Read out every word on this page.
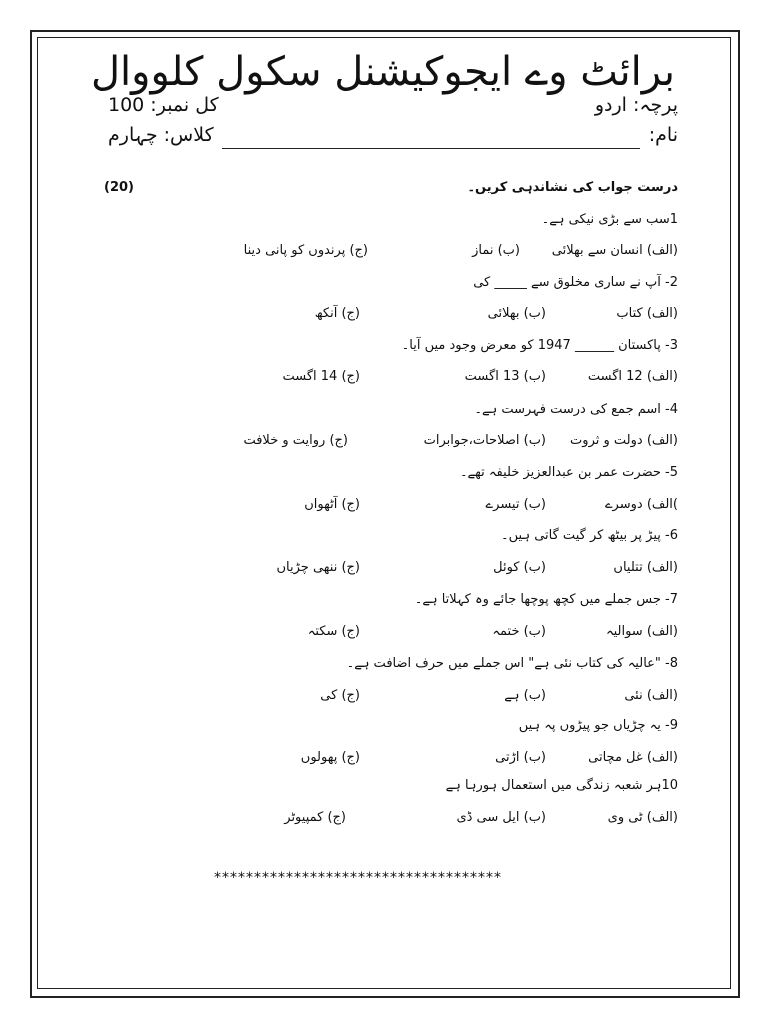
برائٹ وے ایجوکیشنل سکول کلووال
پرچہ: اردو
کل نمبر: 100
نام:
کلاس: چہارم
درست جواب کی نشاندہی کریں۔
(20)
1سب سے بڑی نیکی ہے۔
(الف) انسان سے بھلائی
(ب) نماز
(ج) پرندوں کو پانی دینا
2- آپ نے ساری مخلوق سے _____ کی
(الف) کتاب
(ب) بھلائی
(ج) آنکھ
3- پاکستان ______ 1947 کو معرض وجود میں آیا۔
(الف) 12 اگست
(ب) 13 اگست
(ج) 14 اگست
4- اسم جمع کی درست فہرست ہے۔
(الف) دولت و ثروت
(ب) اصلاحات،جوابرات
(ج) روایت و خلافت
5- حضرت عمر بن عبدالعزیز خلیفہ تھے۔
)الف) دوسرے
(ب) تیسرے
(ج) آٹھواں
6- پیڑ پر بیٹھ کر گیت گاتی ہیں۔
(الف) تتلیاں
(ب) کوئل
(ج) ننھی چڑیاں
7- جس جملے میں کچھ پوچھا جائے وہ کہلاتا ہے۔
(الف) سوالیہ
(ب) ختمہ
(ج) سکتہ
8- "عالیہ کی کتاب نئی ہے" اس جملے میں حرف اضافت ہے۔
(الف) نئی
(ب) ہے
(ج) کی
9- یہ چڑیاں جو پیڑوں پہ ہیں
(الف) غل مچاتی
(ب) اڑتی
(ج) پھولوں
10ہر شعبہ زندگی میں استعمال ہورہا ہے
(الف) ٹی وی
(ب) ایل سی ڈی
(ج) کمپیوٹر
************************************
